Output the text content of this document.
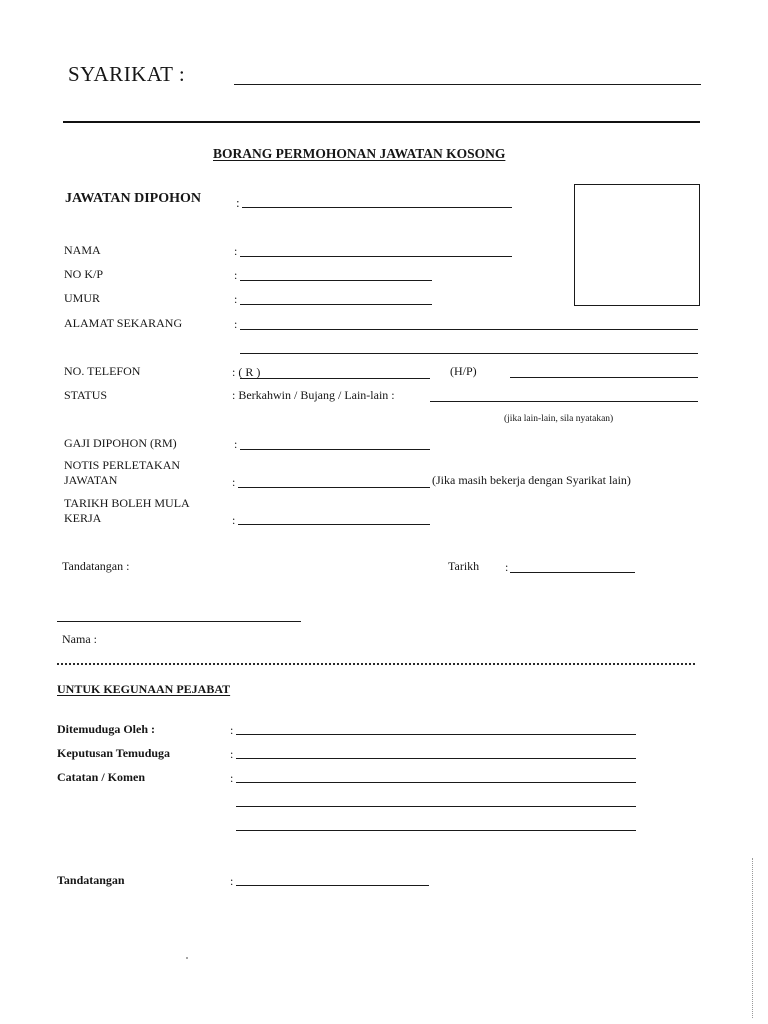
SYARIKAT :
BORANG PERMOHONAN JAWATAN KOSONG
JAWATAN DIPOHON	:
NAMA	:
NO K/P	:
UMUR	:
ALAMAT SEKARANG	:
NO. TELEFON	: ( R )	(H/P)
STATUS	: Berkahwin / Bujang / Lain-lain :
(jika lain-lain, sila nyatakan)
GAJI DIPOHON (RM)	:
NOTIS PERLETAKAN
JAWATAN	:	(Jika masih bekerja dengan Syarikat lain)
TARIKH BOLEH MULA
KERJA	:
Tandatangan :	Tarikh :
Nama :
UNTUK KEGUNAAN PEJABAT
Ditemuduga Oleh :	:
Keputusan Temuduga	:
Catatan / Komen	:
Tandatangan	:
